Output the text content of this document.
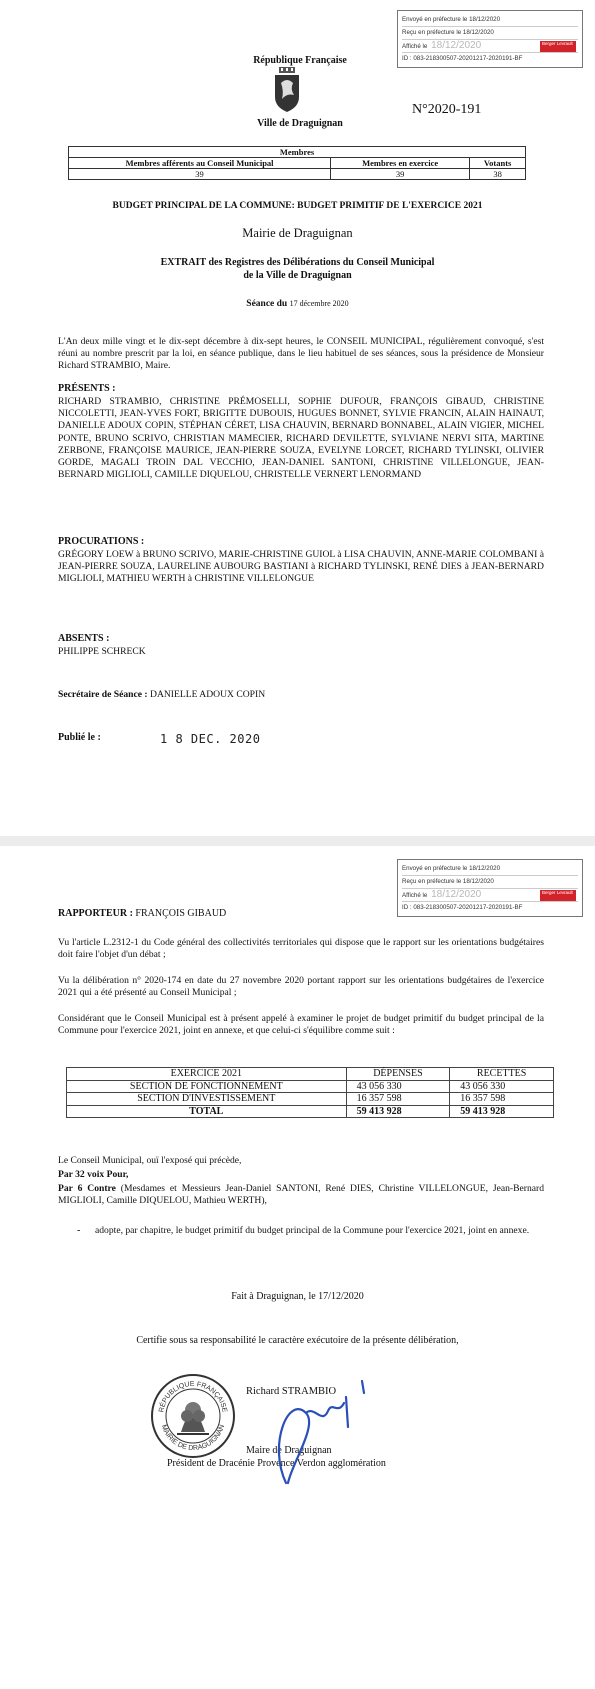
Envoyé en préfecture le 18/12/2020
Reçu en préfecture le 18/12/2020
Affiché le 18/12/2020	Berger Levrault
ID : 083-218300507-20201217-2020191-BF
République Française
Ville de Draguignan
N°2020-191
Membres		
Membres afférents au Conseil Municipal	Membres en exercice	Votants
39	39	38
BUDGET PRINCIPAL DE LA COMMUNE: BUDGET PRIMITIF DE L'EXERCICE 2021
Mairie de Draguignan
EXTRAIT des Registres des Délibérations du Conseil Municipal
de la Ville de Draguignan
Séance du 17 décembre 2020
L'An deux mille vingt et le dix-sept décembre à dix-sept heures, le CONSEIL MUNICIPAL, régulièrement convoqué, s'est réuni au nombre prescrit par la loi, en séance publique, dans le lieu habituel de ses séances, sous la présidence de Monsieur Richard STRAMBIO, Maire.
PRÉSENTS :
RICHARD STRAMBIO, CHRISTINE PRÉMOSELLI, SOPHIE DUFOUR, FRANÇOIS GIBAUD, CHRISTINE NICCOLETTI, JEAN-YVES FORT, BRIGITTE DUBOUIS, HUGUES BONNET, SYLVIE FRANCIN, ALAIN HAINAUT, DANIELLE ADOUX COPIN, STÉPHAN CÉRET, LISA CHAUVIN, BERNARD BONNABEL, ALAIN VIGIER, MICHEL PONTE, BRUNO SCRIVO, CHRISTIAN MAMECIER, RICHARD DEVILETTE, SYLVIANE NERVI SITA, MARTINE ZERBONE, FRANÇOISE MAURICE, JEAN-PIERRE SOUZA, EVELYNE LORCET, RICHARD TYLINSKI, OLIVIER GORDE, MAGALI TROIN DAL VECCHIO, JEAN-DANIEL SANTONI, CHRISTINE VILLELONGUE, JEAN-BERNARD MIGLIOLI, CAMILLE DIQUELOU, CHRISTELLE VERNERT LENORMAND
PROCURATIONS :
GRÉGORY LOEW à BRUNO SCRIVO, MARIE-CHRISTINE GUIOL à LISA CHAUVIN, ANNE-MARIE COLOMBANI à JEAN-PIERRE SOUZA, LAURELINE AUBOURG BASTIANI à RICHARD TYLINSKI, RENÉ DIES à JEAN-BERNARD MIGLIOLI, MATHIEU WERTH à CHRISTINE VILLELONGUE
ABSENTS :
PHILIPPE SCHRECK
Secrétaire de Séance : DANIELLE ADOUX COPIN
Publié le :	1 8 DEC. 2020
Envoyé en préfecture le 18/12/2020
Reçu en préfecture le 18/12/2020
Affiché le 18/12/2020	Berger Levrault
ID : 083-218300507-20201217-2020191-BF
RAPPORTEUR : FRANÇOIS GIBAUD
Vu l'article L.2312-1 du Code général des collectivités territoriales qui dispose que le rapport sur les orientations budgétaires doit faire l'objet d'un débat ;
Vu la délibération n° 2020-174 en date du 27 novembre 2020 portant rapport sur les orientations budgétaires de l'exercice 2021 qui a été présenté au Conseil Municipal ;
Considérant que le Conseil Municipal est à présent appelé à examiner le projet de budget primitif du budget principal de la Commune pour l'exercice 2021, joint en annexe, et que celui-ci s'équilibre comme suit :
EXERCICE 2021	DÉPENSES	RECETTES
SECTION DE FONCTIONNEMENT	43 056 330	43 056 330
SECTION D'INVESTISSEMENT	16 357 598	16 357 598
TOTAL	59 413 928	59 413 928
Le Conseil Municipal, ouï l'exposé qui précède,
Par 32 voix Pour,
Par 6 Contre (Mesdames et Messieurs Jean-Daniel SANTONI, René DIES, Christine VILLELONGUE, Jean-Bernard MIGLIOLI, Camille DIQUELOU, Mathieu WERTH),
- adopte, par chapitre, le budget primitif du budget principal de la Commune pour l'exercice 2021, joint en annexe.
Fait à Draguignan, le 17/12/2020
Certifie sous sa responsabilité le caractère exécutoire de la présente délibération,
RÉPUBLIQUE FRANÇAISE
MAIRIE DE DRAGUIGNAN
Richard STRAMBIO
Maire de Draguignan
Président de Dracénie Provence Verdon agglomération
